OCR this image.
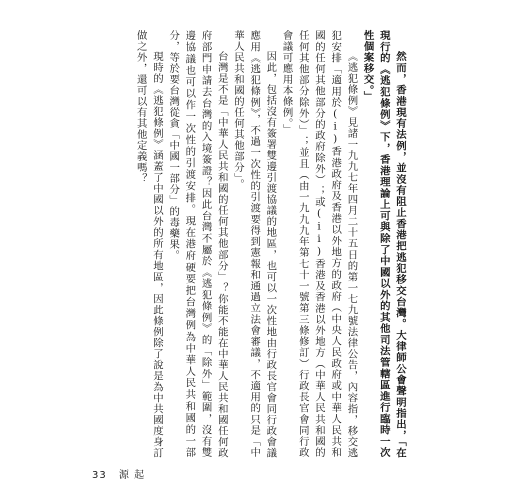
然而，香港現有法例，並沒有阻止香港把逃犯移交台灣。大律師公會聲明指出，「在現行的《逃犯條例》下，香港理論上可與除了中國以外的其他司法管轄區進行臨時一次性個案移交。」

《逃犯條例》見諸一九九七年四月二十五日的第一七九號法律公告，內容指，移交逃犯安排「適用於(i)香港政府及香港以外地方的政府（中央人民政府或中華人民共和國的任何其他部分的政府除外）；或(ii)香港及香港以外地方（中華人民共和國的任何其他部分除外）」；並且（由一九九九年第七十一號第三條修訂）行政長官會同行政會議可應用本條例。」

因此，包括沒有簽署雙邊引渡協議的地區，也可以一次性地由行政長官會同行政會議應用《逃犯條例》，不過一次性的引渡要得到憲報和通過立法會審議，不適用的只是「中華人民共和國的任何其他部分」。

台灣是不是「中華人民共和國的任何其他部分」？你能不能在中華人民共和國任何政府部門申請去台灣的入境簽證？因此台灣不屬於《逃犯條例》的「除外」範圍，沒有雙邊協議也可以作一次性的引渡安排。現在港府硬要把台灣例為中華人民共和國的一部分，等於要台灣從貪「中國一部分」的毒藥果。

現時的《逃犯條例》涵蓋了中國以外的所有地區，因此條例除了說是為中共國度身訂做之外，還可以有其他定義嗎？

33 源 起
